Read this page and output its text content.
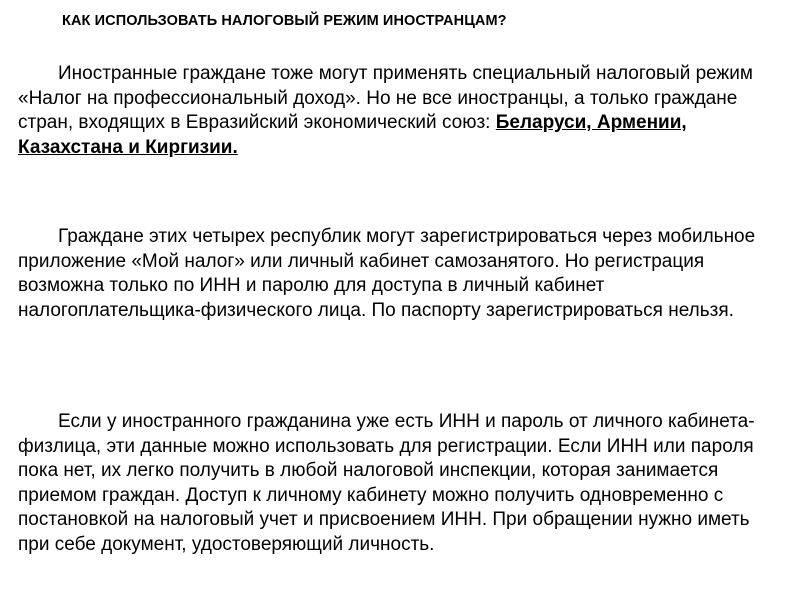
КАК ИСПОЛЬЗОВАТЬ НАЛОГОВЫЙ РЕЖИМ ИНОСТРАНЦАМ?

Иностранные граждане тоже могут применять специальный налоговый режим «Налог на профессиональный доход». Но не все иностранцы, а только граждане стран, входящих в Евразийский экономический союз: Беларуси, Армении, Казахстана и Киргизии.

Граждане этих четырех республик могут зарегистрироваться через мобильное приложение «Мой налог» или личный кабинет самозанятого. Но регистрация возможна только по ИНН и паролю для доступа в личный кабинет налогоплательщика-физического лица. По паспорту зарегистрироваться нельзя.

Если у иностранного гражданина уже есть ИНН и пароль от личного кабинета-физлица, эти данные можно использовать для регистрации. Если ИНН или пароля пока нет, их легко получить в любой налоговой инспекции, которая занимается приемом граждан. Доступ к личному кабинету можно получить одновременно с постановкой на налоговый учет и присвоением ИНН. При обращении нужно иметь при себе документ, удостоверяющий личность.
